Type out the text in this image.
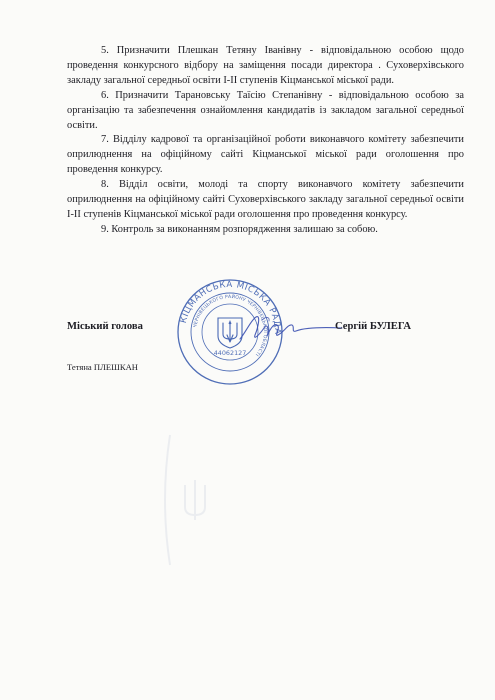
5. Призначити Плешкан Тетяну Іванівну - відповідальною особою щодо проведення конкурсного відбору на заміщення посади директора . Суховерхівського закладу загальної середньої освіти І-ІІ ступенів Кіцманської міської ради.

6. Призначити Тарановську Таїсію Степанівну - відповідальною особою за організацію та забезпечення ознайомлення кандидатів із закладом загальної середньої освіти.

7. Відділу кадрової та організаційної роботи виконавчого комітету забезпечити оприлюднення на офіційному сайті Кіцманської міської ради оголошення про проведення конкурсу.

8. Відділ освіти, молоді та спорту виконавчого комітету забезпечити оприлюднення на офіційному сайті Суховерхівського закладу загальної середньої освіти І-ІІ ступенів Кіцманської міської ради оголошення про проведення конкурсу.

9. Контроль за виконанням розпорядження залишаю за собою.

КІЦМАНСЬКА МІСЬКА РАДА
ЧЕРНІВЕЦЬКОГО РАЙОНУ ЧЕРНІВЕЦЬКОЇ ОБЛАСТІ
44062127
Міський голова	Сергій БУЛЕГА
Тетяна ПЛЕШКАН
